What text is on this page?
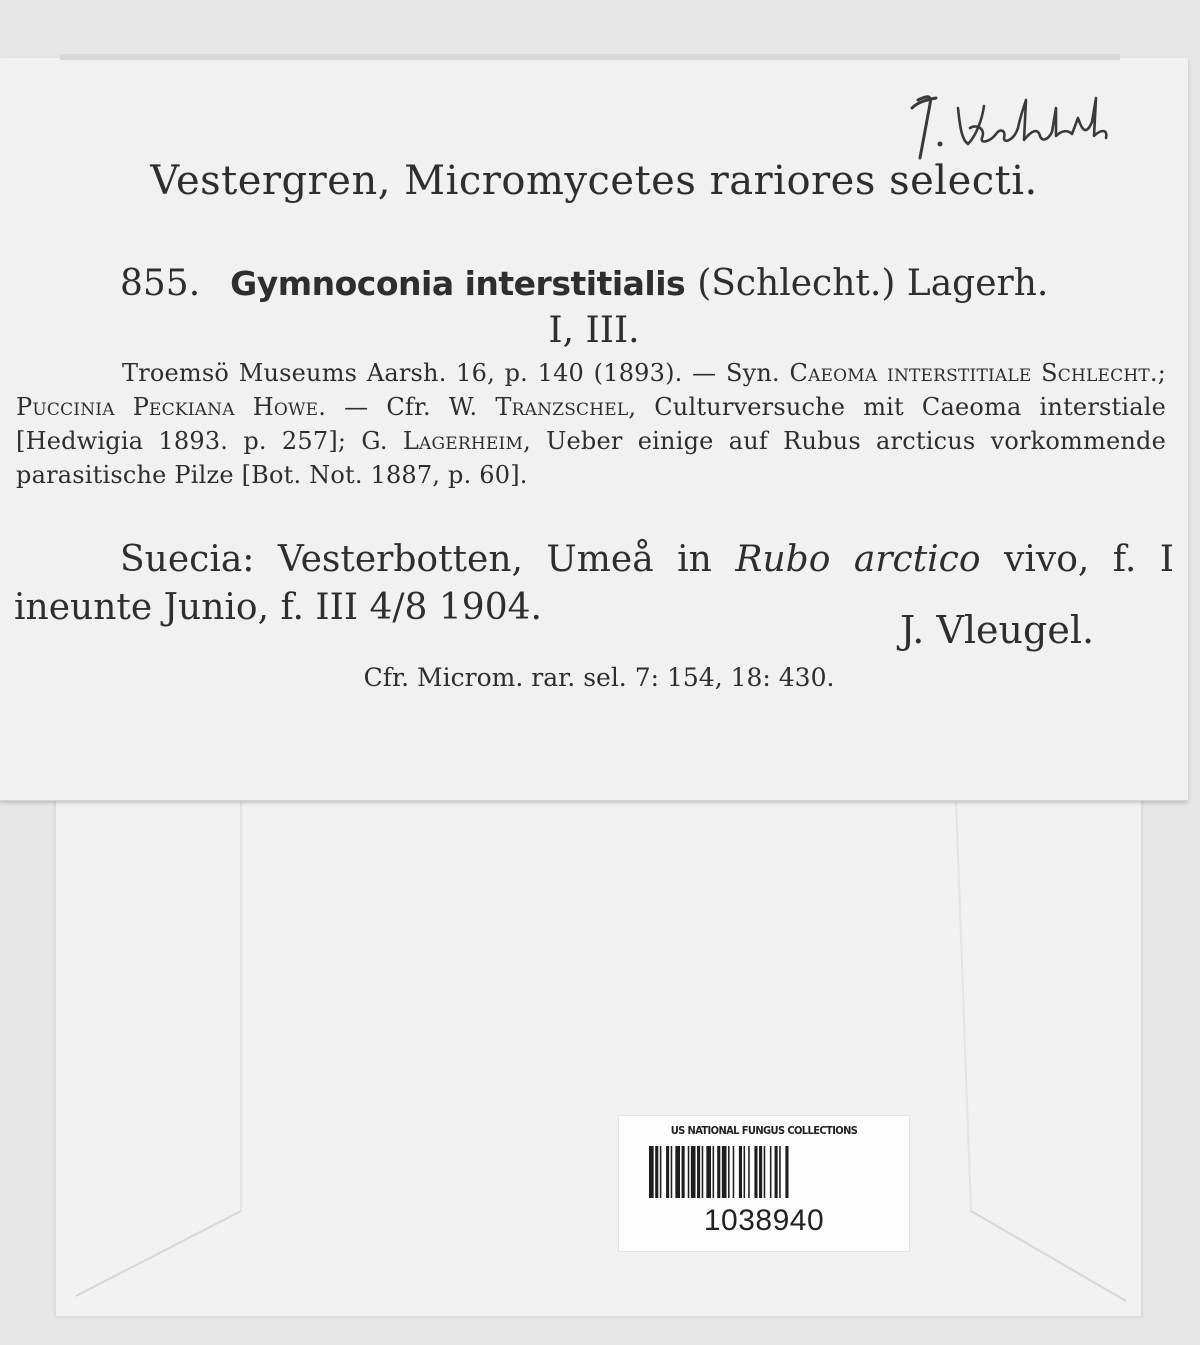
Vestergren, Micromycetes rariores selecti.
855. Gymnoconia interstitialis (Schlecht.) Lagerh.
I, III.
Troemsö Museums Aarsh. 16, p. 140 (1893). — Syn. Caeoma interstitiale Schlecht.; Puccinia Peckiana Howe. — Cfr. W. Tranzschel, Culturversuche mit Caeoma interstiale [Hedwigia 1893. p. 257]; G. Lagerheim, Ueber einige auf Rubus arcticus vorkommende parasitische Pilze [Bot. Not. 1887, p. 60].
Suecia: Vesterbotten, Umeå in Rubo arctico vivo, f. I ineunte Junio, f. III 4/8 1904.
J. Vleugel.
Cfr. Microm. rar. sel. 7: 154, 18: 430.
US NATIONAL FUNGUS COLLECTIONS
1038940
